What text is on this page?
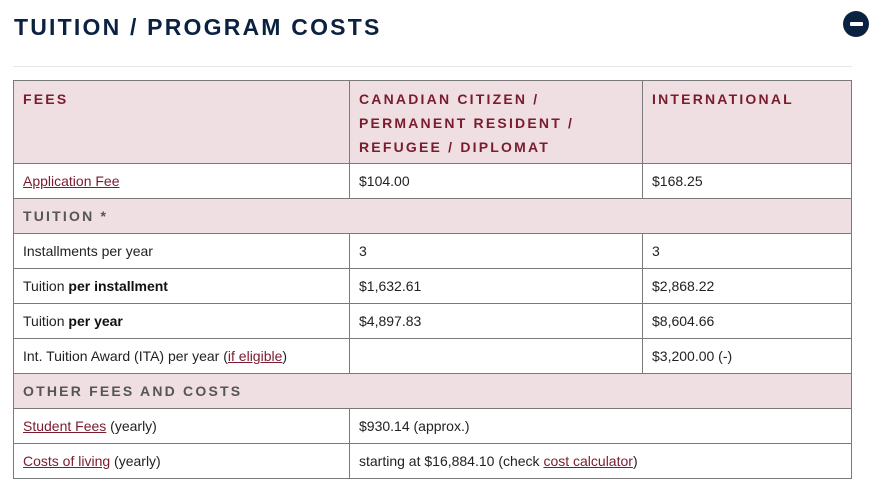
TUITION / PROGRAM COSTS
FEES	CANADIAN CITIZEN / PERMANENT RESIDENT / REFUGEE / DIPLOMAT	INTERNATIONAL
Application Fee	$104.00	$168.25
TUITION *		
Installments per year	3	3
Tuition per installment	$1,632.61	$2,868.22
Tuition per year	$4,897.83	$8,604.66
Int. Tuition Award (ITA) per year (if eligible)		$3,200.00 (-)
OTHER FEES AND COSTS		
Student Fees (yearly)	$930.14 (approx.)	
Costs of living (yearly)	starting at $16,884.10 (check cost calculator)	
